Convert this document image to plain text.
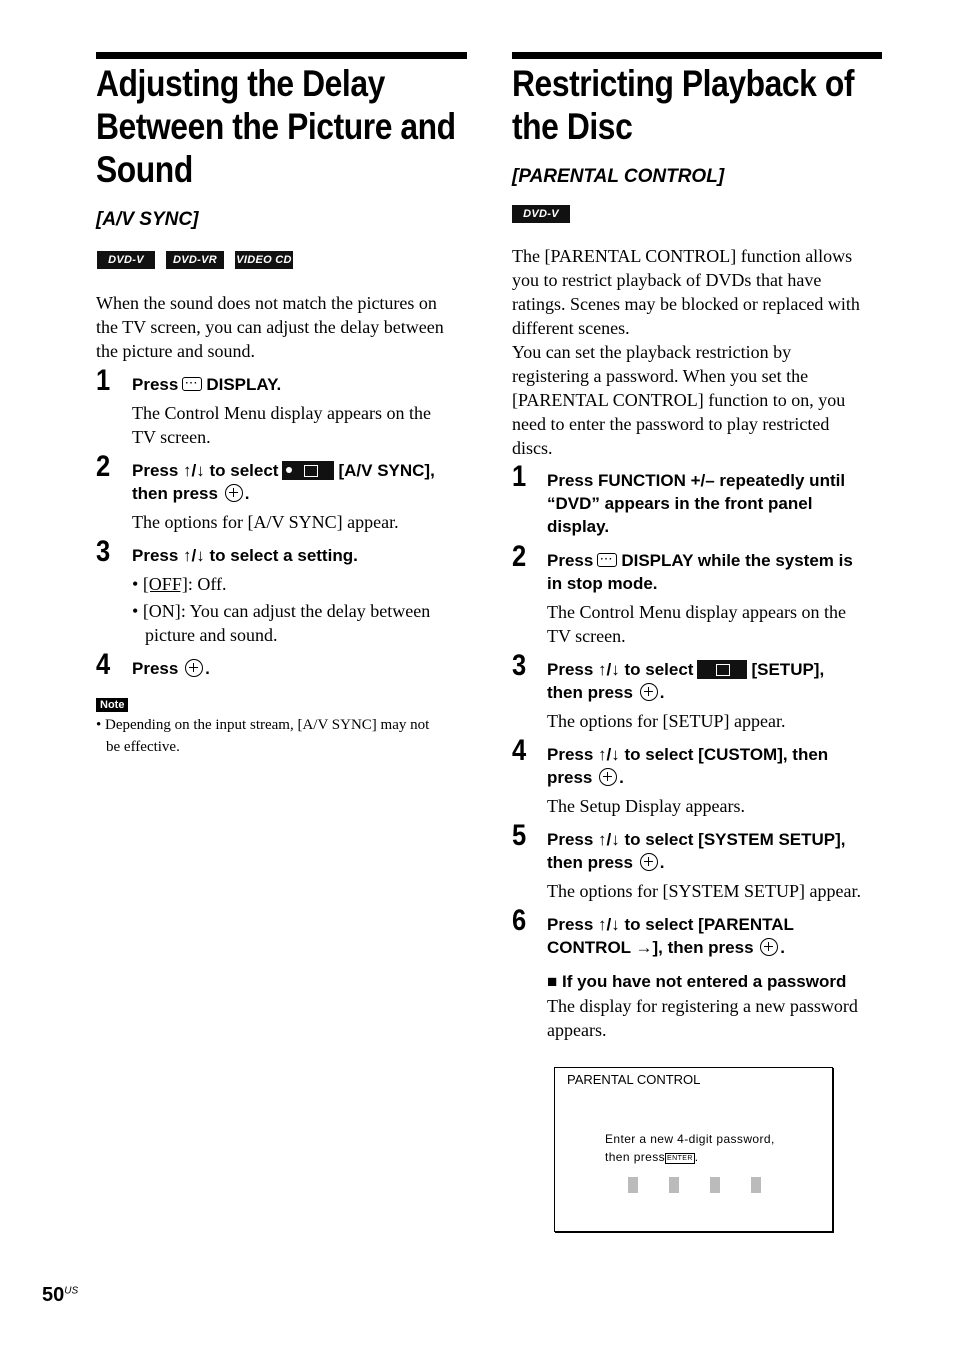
Adjusting the Delay
Between the Picture and
Sound
[A/V SYNC]
DVD-V	DVD-VR	VIDEO CD
When the sound does not match the pictures on
the TV screen, you can adjust the delay between
the picture and sound.
1 Press ··· DISPLAY.
The Control Menu display appears on the
TV screen.
2 Press ↑/↓ to select	[A/V SYNC],
then press .
The options for [A/V SYNC] appear.
3 Press ↑/↓ to select a setting.
• [OFF]: Off.
• [ON]: You can adjust the delay between
picture and sound.
4 Press .
Note
• Depending on the input stream, [A/V SYNC] may not
be effective.
Restricting Playback of
the Disc
[PARENTAL CONTROL]
DVD-V
The [PARENTAL CONTROL] function allows
you to restrict playback of DVDs that have
ratings. Scenes may be blocked or replaced with
different scenes.
You can set the playback restriction by
registering a password. When you set the
[PARENTAL CONTROL] function to on, you
need to enter the password to play restricted
discs.
1 Press FUNCTION +/– repeatedly until
“DVD” appears in the front panel
display.
2 Press ··· DISPLAY while the system is
in stop mode.
The Control Menu display appears on the
TV screen.
3 Press ↑/↓ to select	[SETUP],
then press .
The options for [SETUP] appear.
4 Press ↑/↓ to select [CUSTOM], then
press .
The Setup Display appears.
5 Press ↑/↓ to select [SYSTEM SETUP],
then press .
The options for [SYSTEM SETUP] appear.
6 Press ↑/↓ to select [PARENTAL
CONTROL →], then press .
■ If you have not entered a password
The display for registering a new password
appears.
PARENTAL CONTROL
Enter a new 4-digit password,
then press ENTER .
$50^{US}$
